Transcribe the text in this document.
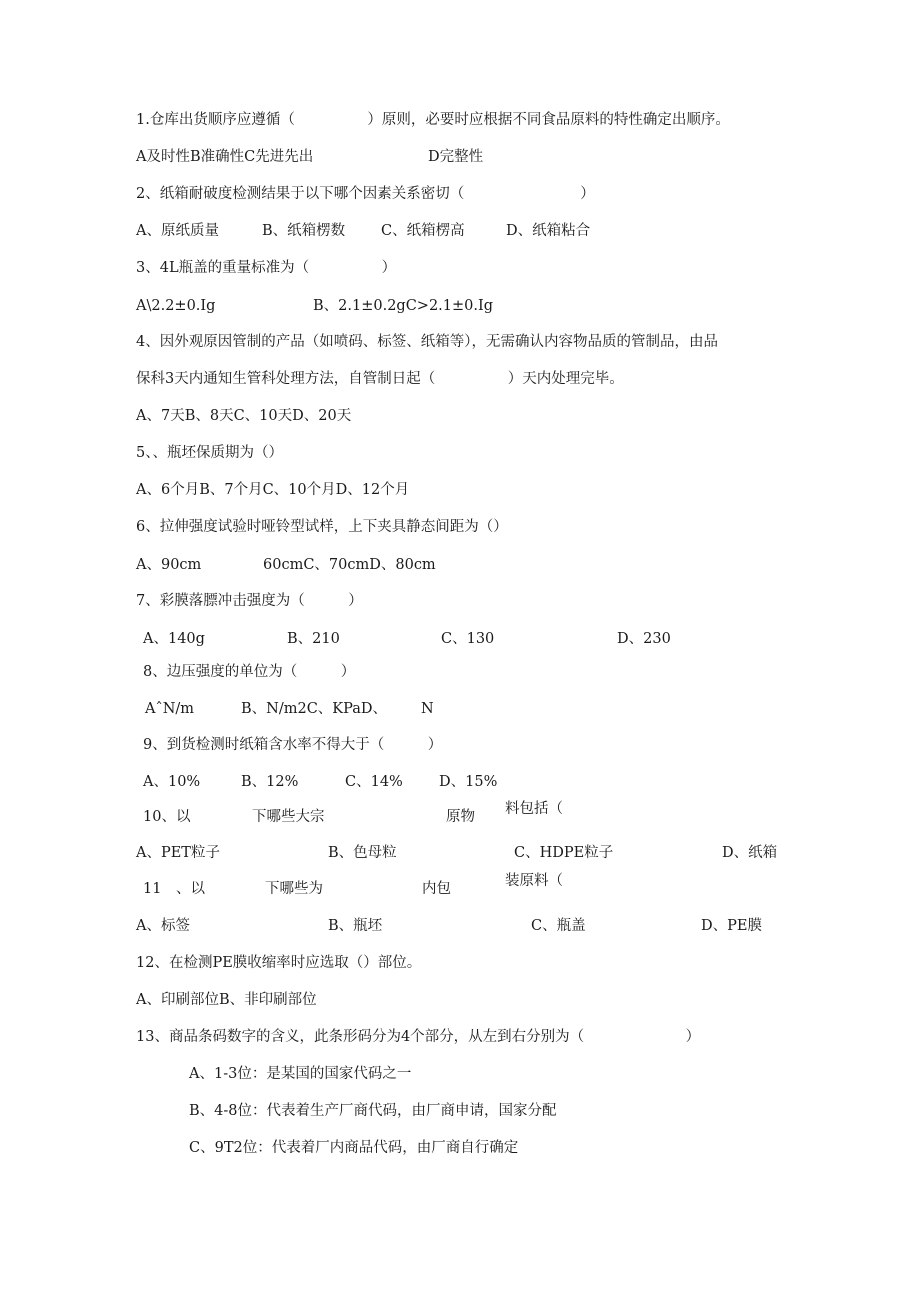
1.仓库出货顺序应遵循（　　　　　）原则，必要时应根据不同食品原料的特性确定出顺序。
A及时性B准确性C先进先出	D完整性
2、纸箱耐破度检测结果于以下哪个因素关系密切（　　　　　　　　）
A、原纸质量	B、纸箱楞数 C、纸箱楞高	D、纸箱粘合
3、4L瓶盖的重量标准为（　　　　　）
A\2.2±0.Ig	B、2.1±0.2gC>2.1±0.Ig
4、因外观原因管制的产品（如喷码、标签、纸箱等），无需确认内容物品质的管制品，由品
保科3天内通知生管科处理方法，自管制日起（　　　　　）天内处理完毕。
A、7天B、8天C、10天D、20天
5、、瓶坯保质期为（）
A、6个月B、7个月C、10个月D、12个月
6、拉伸强度试验时哑铃型试样，上下夹具静态间距为（）
A、90cm	60cmC、70cmD、80cm
7、彩膜落膘冲击强度为（　　　）
A、140g	B、210	C、130	D、230
8、边压强度的单位为（　　　）
AˆN/m	B、N/m2C、KPaD、 N
9、到货检测时纸箱含水率不得大于（　　　）
A、10%	B、12%	C、14% D、15%
10、以	下哪些大宗	原物 料包括（
A、PET粒子	B、色母粒	C、HDPE粒子	D、纸箱
11　、以	下哪些为	内包	装原料（
A、标签	B、瓶坯	C、瓶盖	D、PE膜
12、在检测PE膜收缩率时应选取（）部位。
A、印刷部位B、非印刷部位
13、商品条码数字的含义，此条形码分为4个部分，从左到右分别为（　　　　　　　）
A、1-3位：是某国的国家代码之一
B、4-8位：代表着生产厂商代码，由厂商申请，国家分配
C、9T2位：代表着厂内商品代码，由厂商自行确定
